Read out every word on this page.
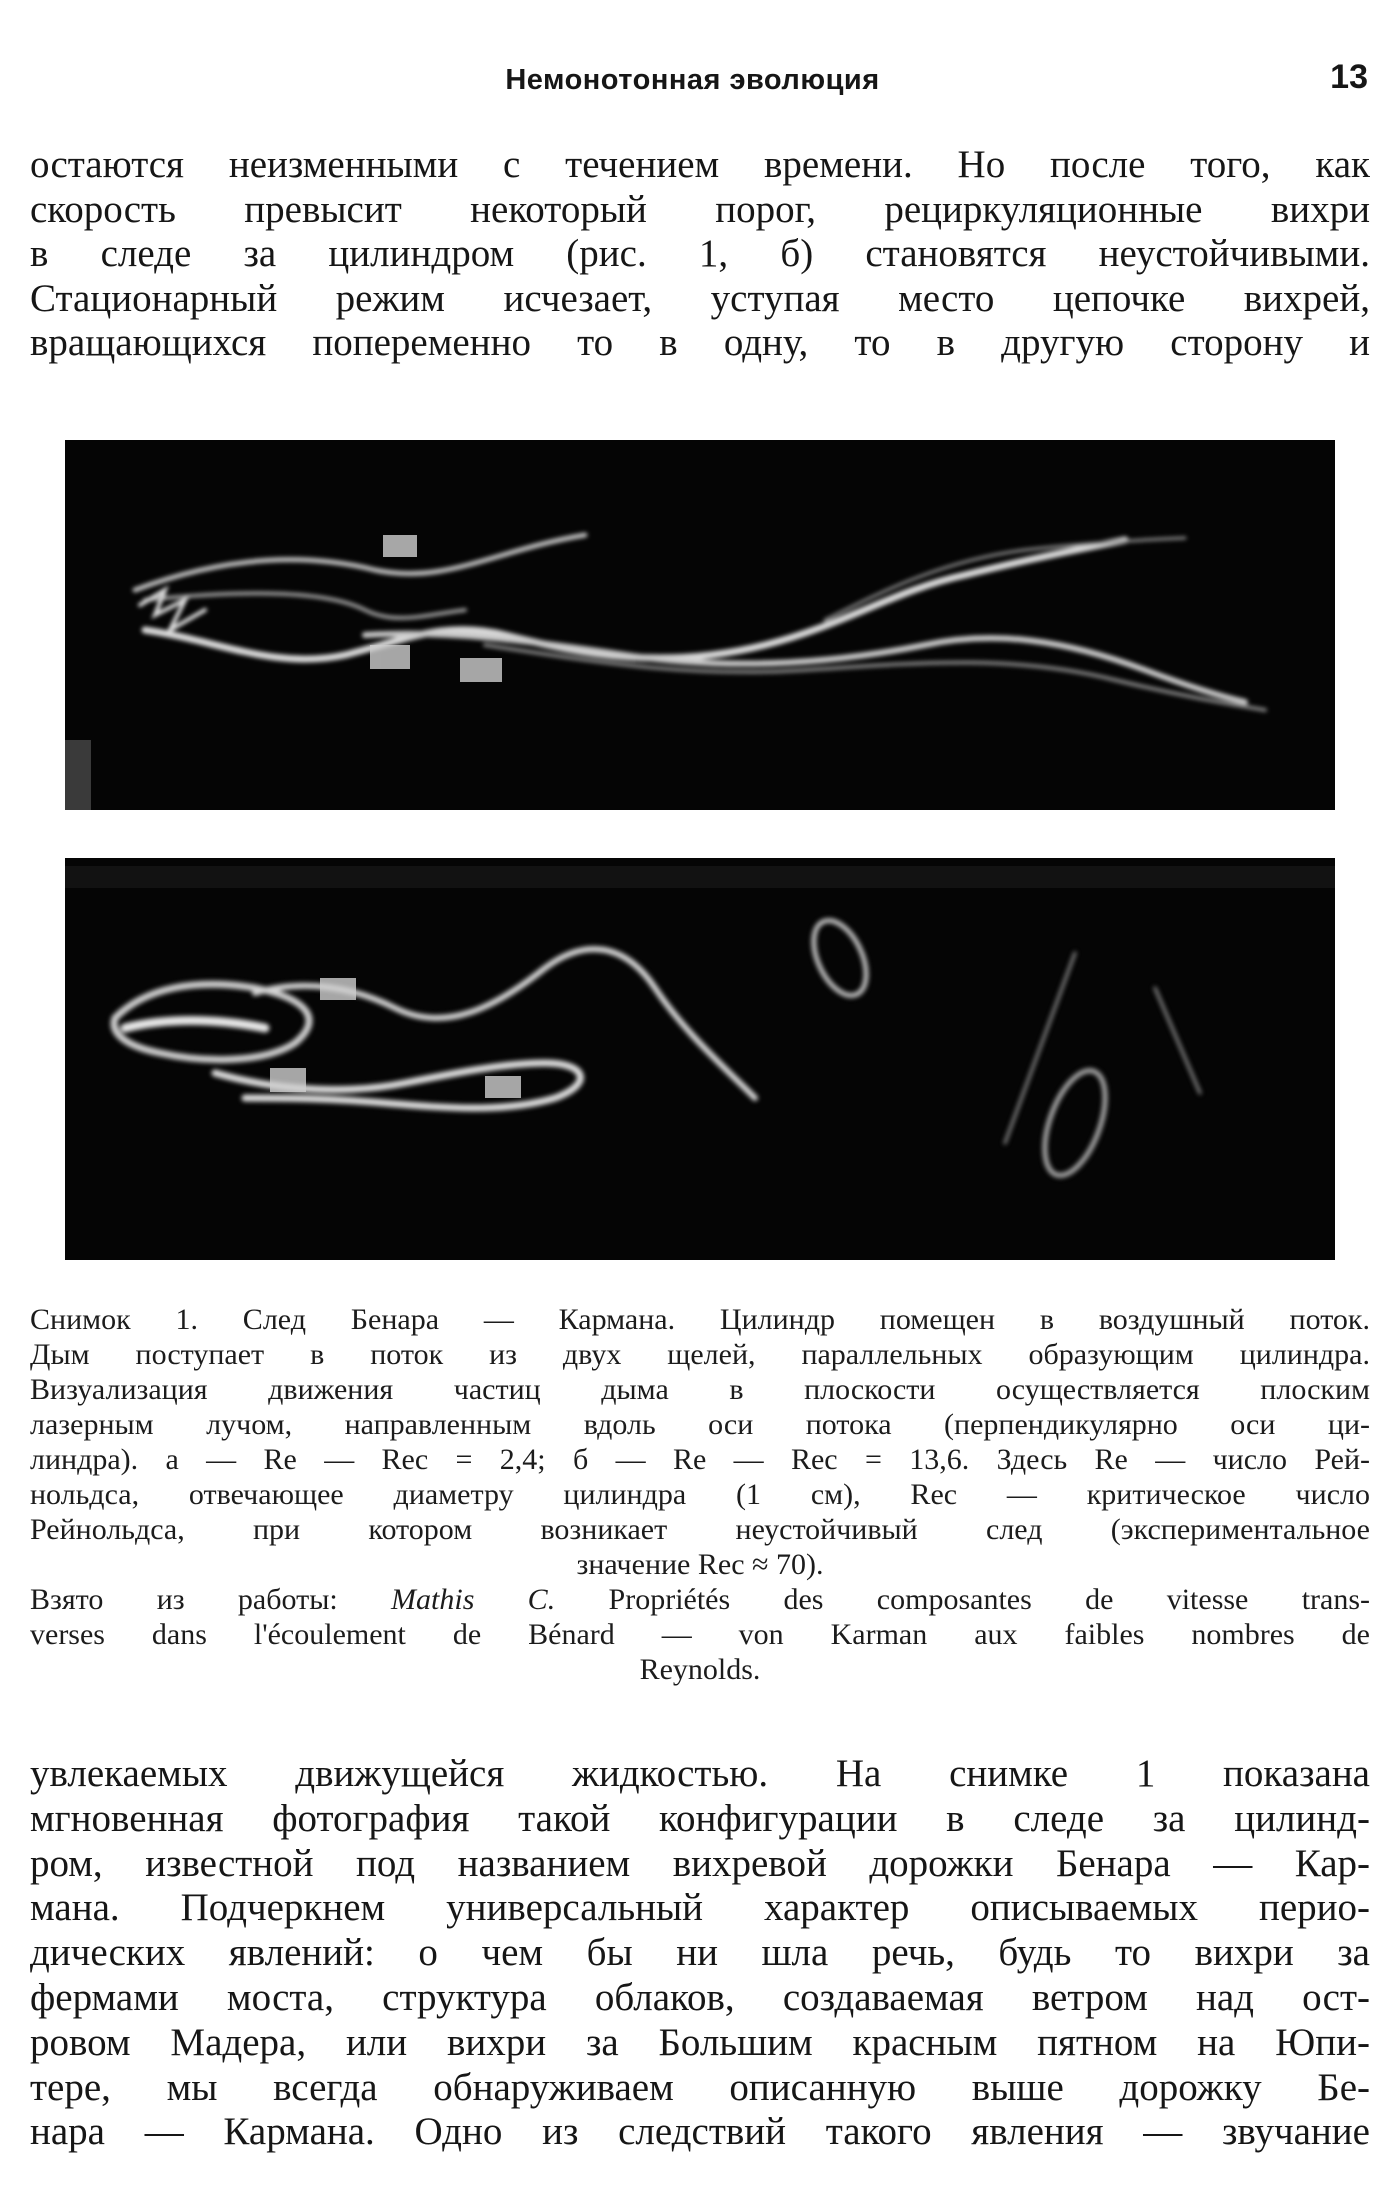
Немонотонная эволюция	13
остаются неизменными с течением времени. Но после того, как
скорость превысит некоторый порог, рециркуляционные вихри
в следе за цилиндром (рис. 1, б) становятся неустойчивыми.
Стационарный режим исчезает, уступая место цепочке вихрей,
вращающихся попеременно то в одну, то в другую сторону и
Снимок 1. След Бенара — Кармана. Цилиндр помещен в воздушный поток.
Дым поступает в поток из двух щелей, параллельных образующим цилиндра.
Визуализация движения частиц дыма в плоскости осуществляется плоским
лазерным лучом, направленным вдоль оси потока (перпендикулярно оси ци-
линдра). а — Re — Reс = 2,4; б — Re — Reс = 13,6. Здесь Re — число Рей-
нольдса, отвечающее диаметру цилиндра (1 см), Reс — критическое число
Рейнольдса, при котором возникает неустойчивый след (экспериментальное
значение Reс ≈ 70).
Взято из работы: Mathis C. Propriétés des composantes de vitesse trans-
verses dans l'écoulement de Bénard — von Karman aux faibles nombres de
Reynolds.
увлекаемых движущейся жидкостью. На снимке 1 показана
мгновенная фотография такой конфигурации в следе за цилинд-
ром, известной под названием вихревой дорожки Бенара — Кар-
мана. Подчеркнем универсальный характер описываемых перио-
дических явлений: о чем бы ни шла речь, будь то вихри за
фермами моста, структура облаков, создаваемая ветром над ост-
ровом Мадера, или вихри за Большим красным пятном на Юпи-
тере, мы всегда обнаруживаем описанную выше дорожку Бе-
нара — Кармана. Одно из следствий такого явления — звучание
